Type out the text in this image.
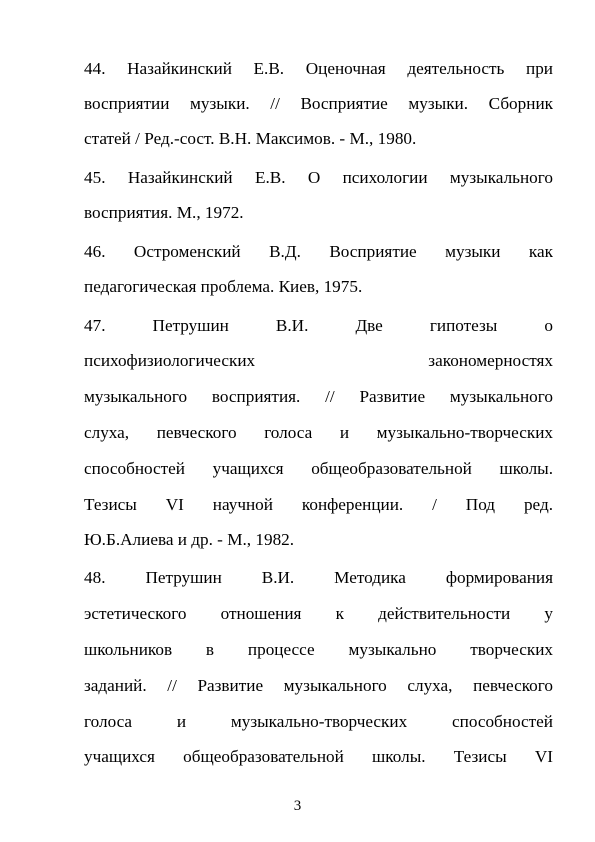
44. Назайкинский Е.В. Оценочная деятельность при

восприятии музыки. // Восприятие музыки. Сборник

статей / Ред.-сост. В.Н. Максимов. - М., 1980.

45. Назайкинский Е.В. О психологии музыкального

восприятия. М., 1972.

46. Остроменский В.Д. Восприятие музыки как

педагогическая проблема. Киев, 1975.

47. Петрушин В.И. Две гипотезы о

психофизиологических закономерностях

музыкального восприятия. // Развитие музыкального

слуха, певческого голоса и музыкально-творческих

способностей учащихся общеобразовательной школы.

Тезисы VI научной конференции. / Под ред.

Ю.Б.Алиева и др. - М., 1982.

48. Петрушин В.И. Методика формирования

эстетического отношения к действительности у

школьников в процессе музыкально творческих

заданий. // Развитие музыкального слуха, певческого

голоса и музыкально-творческих способностей

учащихся общеобразовательной школы. Тезисы VI

3
